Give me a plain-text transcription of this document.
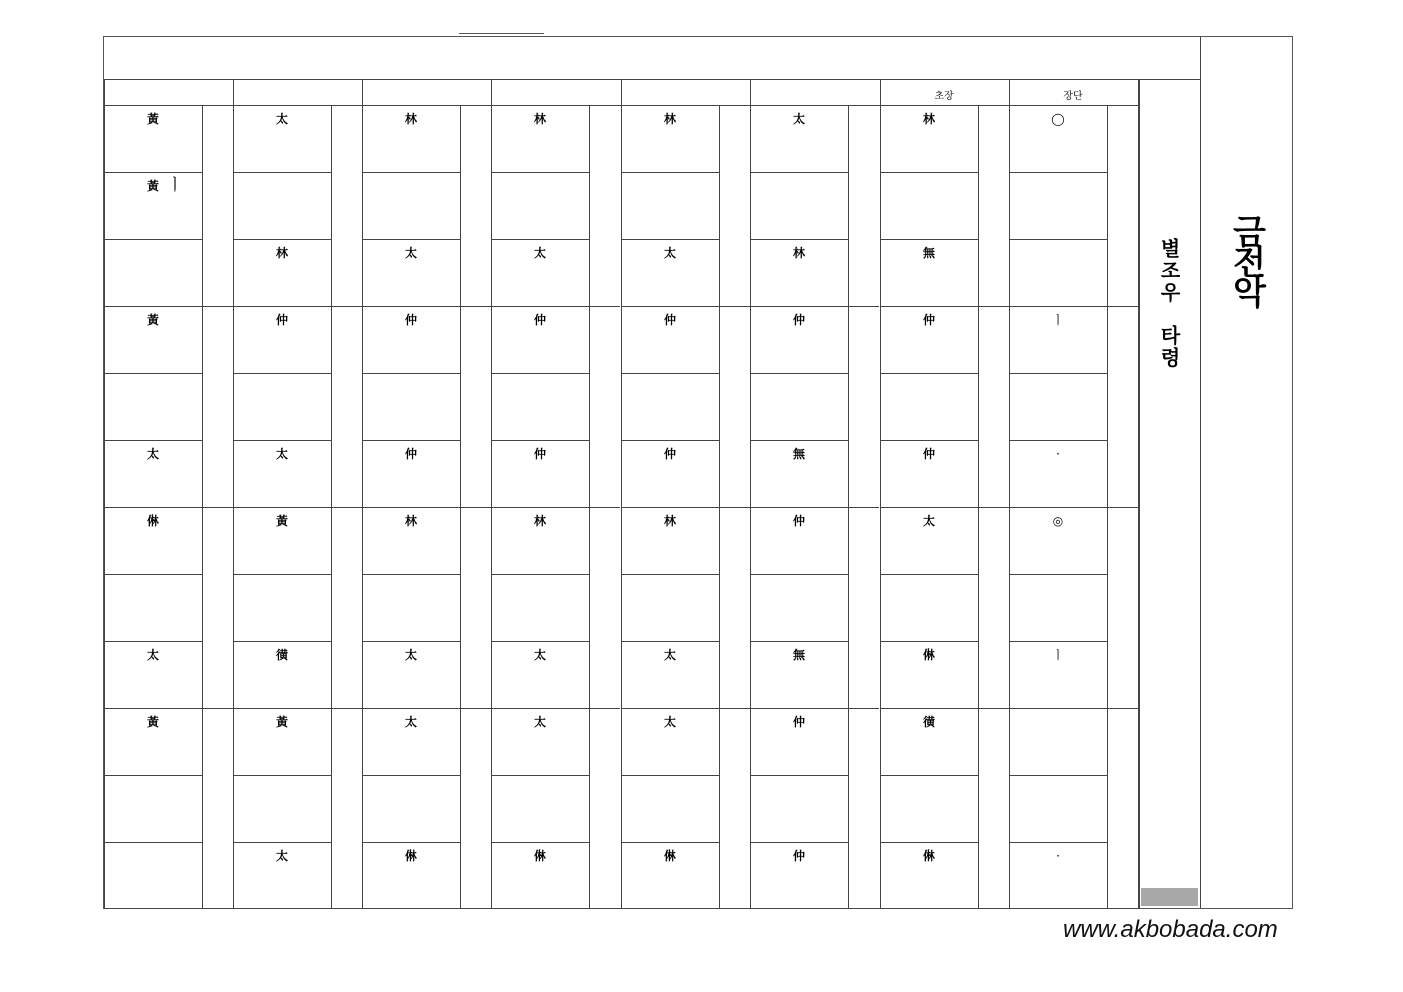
黃
黃
黃
太
㑣
太
黃
太
林
仲
太
黃
㣴
黃
太
林
太
仲
仲
林
太
太
㑣
林
太
仲
仲
林
太
太
㑣
林
太
仲
仲
林
太
太
㑣
太
林
仲
無
仲
無
仲
仲
林
無
仲
仲
太
㑣
㣴
㑣
◯
ㅣ
·
◎
ㅣ
·
ㅣ
초장	장단
금전악
별조우
타령
www.akbobada.com
